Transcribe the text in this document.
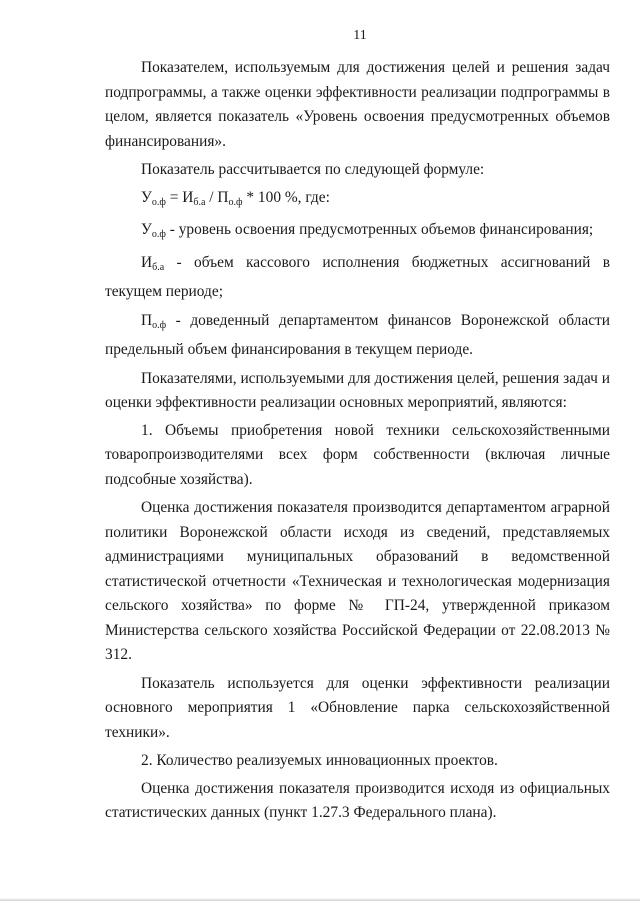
11

Показателем, используемым для достижения целей и решения задач подпрограммы, а также оценки эффективности реализации подпрограммы в целом, является показатель «Уровень освоения предусмотренных объемов финансирования».

Показатель рассчитывается по следующей формуле:

$У_{о.ф} = И_{б.а} / П_{о.ф} * 100$ %, где:

$У_{о.ф}$ - уровень освоения предусмотренных объемов финансирования;

$И_{б.а}$ - объем кассового исполнения бюджетных ассигнований в текущем периоде;

$П_{о.ф}$ - доведенный департаментом финансов Воронежской области предельный объем финансирования в текущем периоде.

Показателями, используемыми для достижения целей, решения задач и оценки эффективности реализации основных мероприятий, являются:

1. Объемы приобретения новой техники сельскохозяйственными товаропроизводителями всех форм собственности (включая личные подсобные хозяйства).

Оценка достижения показателя производится департаментом аграрной политики Воронежской области исходя из сведений, представляемых администрациями муниципальных образований в ведомственной статистической отчетности «Техническая и технологическая модернизация сельского хозяйства» по форме № ГП-24, утвержденной приказом Министерства сельского хозяйства Российской Федерации от 22.08.2013 № 312.

Показатель используется для оценки эффективности реализации основного мероприятия 1 «Обновление парка сельскохозяйственной техники».

2. Количество реализуемых инновационных проектов.

Оценка достижения показателя производится исходя из официальных статистических данных (пункт 1.27.3 Федерального плана).
